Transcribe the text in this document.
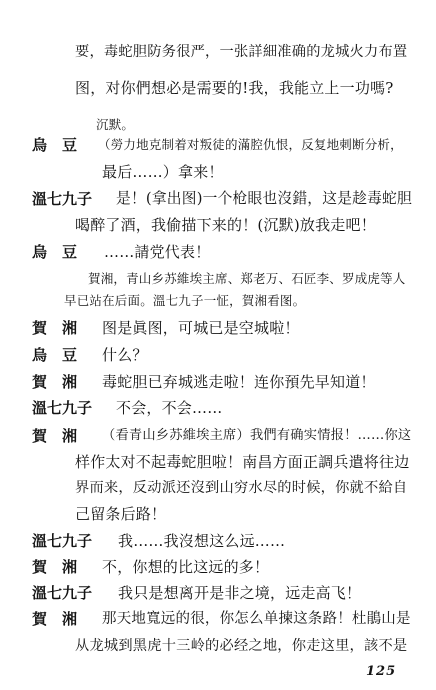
要，毒蛇胆防务很严，一张詳細准确的龙城火力布置
图，对你們想必是需要的!我，我能立上一功嗎?
沉默。
烏　豆 （勞力地克制着对叛徒的滿腔仇恨，反复地刺断分析，
最后……）拿来！
溫七九子 是！(拿出图)一个枪眼也沒錯，这是趁毒蛇胆
喝醉了酒，我偷描下来的！(沉默)放我走吧！
烏　豆 ……請党代表！
賀湘，青山乡苏維埃主席、郑老万、石匠李、罗成虎等人
早已站在后面。溫七九子一怔，賀湘看图。
賀　湘 图是眞图，可城已是空城啦！
烏　豆 什么？
賀　湘 毒蛇胆已弃城逃走啦！连你預先早知道！
溫七九子 不会，不会……
賀　湘 （看青山乡苏維埃主席）我們有确实情报！……你这
样作太对不起毒蛇胆啦！南昌方面正調兵遣将往边
界而来，反动派还沒到山穷水尽的时候，你就不給自
己留条后路！
溫七九子 我……我沒想这么远……
賀　湘 不，你想的比这远的多！
溫七九子 我只是想离开是非之境，远走高飞！
賀　湘 那天地寬远的很，你怎么单揀这条路！杜鵑山是
从龙城到黑虎十三岭的必经之地，你走这里，該不是
125
